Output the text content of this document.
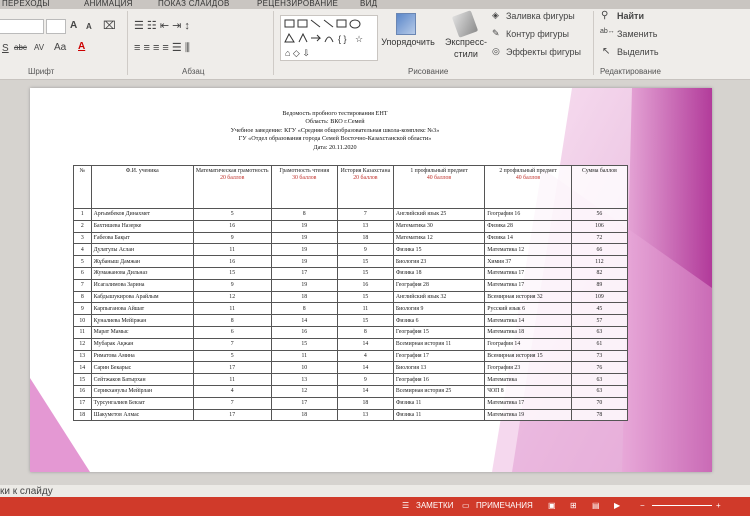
ПЕРЕХОДЫ	АНИМАЦИЯ	ПОКАЗ СЛАЙДОВ	РЕЦЕНЗИРОВАНИЕ	ВИД
A A ⌧
S abc AV Aa A
Шрифт
☰ ☷ ⇤ ⇥ ↕
≡ ≡ ≡ ≡ ☰ ⫼
Абзац
{ } ☆
⌂ ◇ ⇩
Упорядочить	Экспресс-
стили
◈ Заливка фигуры
✎ Контур фигуры
◎ Эффекты фигуры
Рисование
⚲ Найти
ab↔ Заменить
↖ Выделить
Редактирование
Ведомость пробного тестирования ЕНТ
Область: ВКО г.Семей
Учебное заведение: КГУ «Средняя общеобразовательная школа-комплекс №3»
ГУ «Отдел образования города Семей Восточно-Казахстанской области»
Дата: 20.11.2020
№	Ф.И. ученика	Математическая грамотность
20 баллов	Грамотность чтения
30 баллов	История Казахстана
20 баллов	1 профильный предмет
40 баллов	2 профильный предмет
40 баллов	Сумма баллов
1	Арғымбеков Динахмет	5	8	7	Английский язык 25	География 16	56
2	Бахтишева Назерке	16	19	13	Математика 30	Физика 28	106
3	Ғабеова Бақыт	9	19	18	Математика 12	Физика 14	72
4	Дулатулы Аслан	11	19	9	Физика 15	Математика 12	66
5	Жұбаныш Дамжан	16	19	15	Биология 23	Химия 37	112
6	Жумажанова Дильназ	15	17	15	Физика 18	Математика 17	82
7	Исагалимова Зарина	9	19	16	География 28	Математика 17	89
8	Кабдышукирова Арайлым	12	18	15	Английский язык 32	Всемирная история 32	109
9	Карпыганова Айшат	11	8	11	Биология 9	Русский язык 6	45
10	Қуналиева Мейіржан	8	14	15	Физика 6	Математика 14	57
11	Марат Мамыс	6	16	8	География 15	Математика 18	63
12	Мубарак Ақжан	7	15	14	Всемирная история 11	География 14	61
13	Риматова Амина	5	11	4	География 17	Всемирная история 15	73
14	Сарин Бекарыс	17	10	14	Биология 13	География 23	76
15	Сейтжаков Батырхан	11	13	9	География 16	Математика	63
16	Серикханулы Мейірлан	4	12	14	Всемирная история 25	ЧОП 8	63
17	Турсунгалиев Бекзат	7	17	18	Физика 11	Математика 17	70
18	Шакуметов Алмас	17	18	13	Физика 11	Математика 19	78
ки к слайду
☰ ЗАМЕТКИ ▭ ПРИМЕЧАНИЯ ▣ ⊞ ▤ ▶ −	+
